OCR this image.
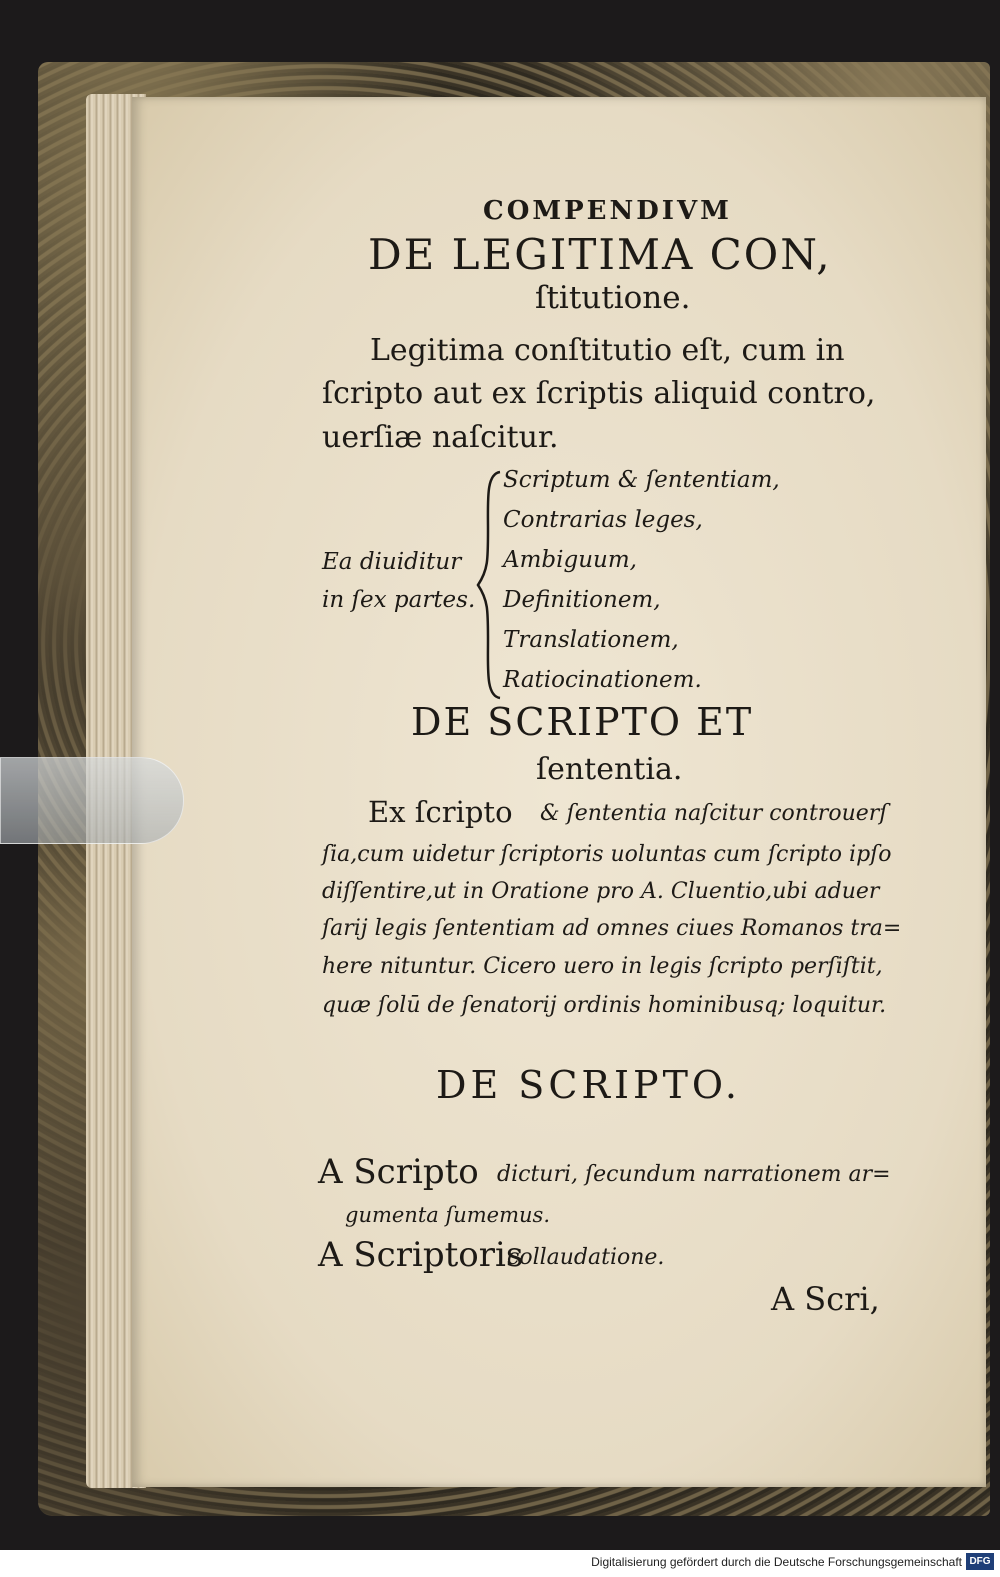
COMPENDIVM
DE LEGITIMA CON,
ſtitutione.
Legitima conſtitutio eſt, cum in
ſcripto aut ex ſcriptis aliquid contro,
uerſiæ naſcitur.
Ea diuiditur
in ſex partes.
Scriptum & ſententiam,
Contrarias leges,
Ambiguum,
Definitionem,
Translationem,
Ratiocinationem.
DE SCRIPTO ET
ſententia.
Ex ſcripto & ſententia naſcitur controuerſ
ſia,cum uidetur ſcriptoris uoluntas cum ſcripto ipſo
diſſentire,ut in Oratione pro A. Cluentio,ubi aduer
ſarij legis ſententiam ad omnes ciues Romanos tra=
here nituntur. Cicero uero in legis ſcripto perſiſtit,
quæ ſolū de ſenatorij ordinis hominibusq; loquitur.
DE SCRIPTO.
A Scripto dicturi, ſecundum narrationem ar=
gumenta ſumemus.
A Scriptoris
collaudatione.
A Scri,
Digitalisierung gefördert durch die Deutsche Forschungsgemeinschaft DFG
